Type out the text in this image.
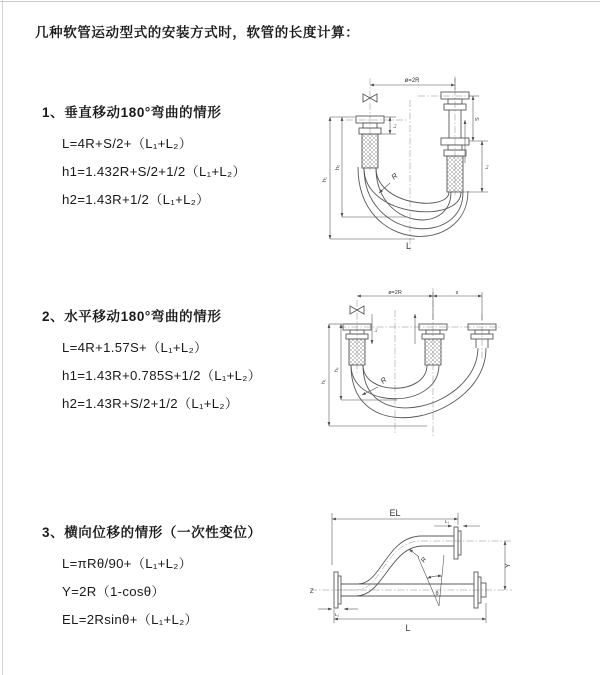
几种软管运动型式的安装方式时，软管的长度计算：
1、垂直移动180°弯曲的情形
L=4R+S/2+（L₁+L₂）
h1=1.432R+S/2+1/2（L₁+L₂）
h2=1.43R+1/2（L₁+L₂）
2、水平移动180°弯曲的情形
L=4R+1.57S+（L₁+L₂）
h1=1.43R+0.785S+1/2（L₁+L₂）
h2=1.43R+S/2+1/2（L₁+L₂）
3、横向位移的情形（一次性变位）
L=πRθ/90+（L₁+L₂）
Y=2R（1-cosθ）
EL=2Rsinθ+（L₁+L₂）
ø=2R
h₁
h₂
L₁
S
L₂
R
L
ø=2R	s
h₁
h₂
L₁
R
EL
L₁
Y
R
θ
Z
L₂
L
